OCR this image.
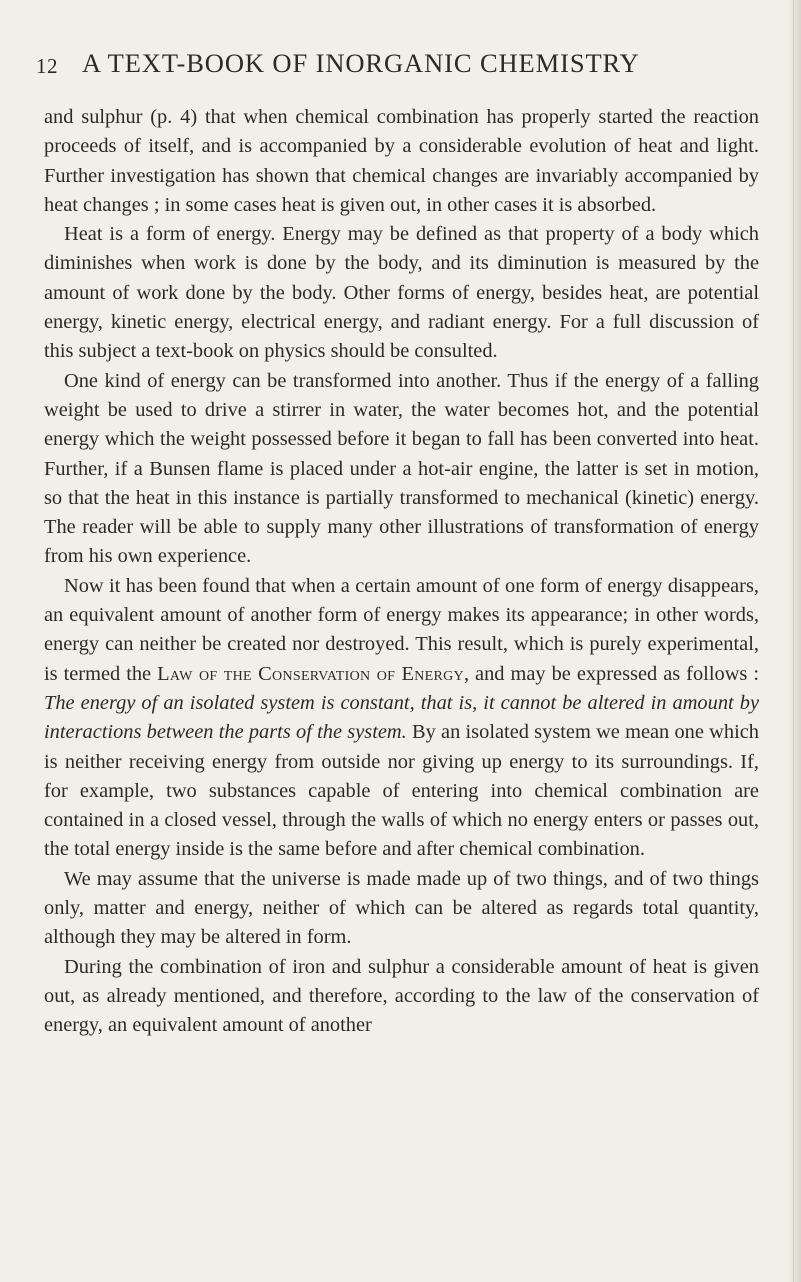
12 A TEXT-BOOK OF INORGANIC CHEMISTRY

and sulphur (p. 4) that when chemical combination has properly started the reaction proceeds of itself, and is accompanied by a considerable evolution of heat and light. Further investigation has shown that chemical changes are invariably accompanied by heat changes ; in some cases heat is given out, in other cases it is absorbed.

Heat is a form of energy. Energy may be defined as that property of a body which diminishes when work is done by the body, and its diminution is measured by the amount of work done by the body. Other forms of energy, besides heat, are potential energy, kinetic energy, electrical energy, and radiant energy. For a full discussion of this subject a text-book on physics should be consulted.

One kind of energy can be transformed into another. Thus if the energy of a falling weight be used to drive a stirrer in water, the water becomes hot, and the potential energy which the weight possessed before it began to fall has been converted into heat. Further, if a Bunsen flame is placed under a hot-air engine, the latter is set in motion, so that the heat in this instance is partially transformed to mechanical (kinetic) energy. The reader will be able to supply many other illustrations of transformation of energy from his own experience.

Now it has been found that when a certain amount of one form of energy disappears, an equivalent amount of another form of energy makes its appearance; in other words, energy can neither be created nor destroyed. This result, which is purely experimental, is termed the Law of the Conservation of Energy, and may be expressed as follows : The energy of an isolated system is constant, that is, it cannot be altered in amount by interactions between the parts of the system. By an isolated system we mean one which is neither receiving energy from outside nor giving up energy to its surroundings. If, for example, two substances capable of entering into chemical combination are contained in a closed vessel, through the walls of which no energy enters or passes out, the total energy inside is the same before and after chemical combination.

We may assume that the universe is made made up of two things, and of two things only, matter and energy, neither of which can be altered as regards total quantity, although they may be altered in form.

During the combination of iron and sulphur a considerable amount of heat is given out, as already mentioned, and therefore, according to the law of the conservation of energy, an equivalent amount of another
